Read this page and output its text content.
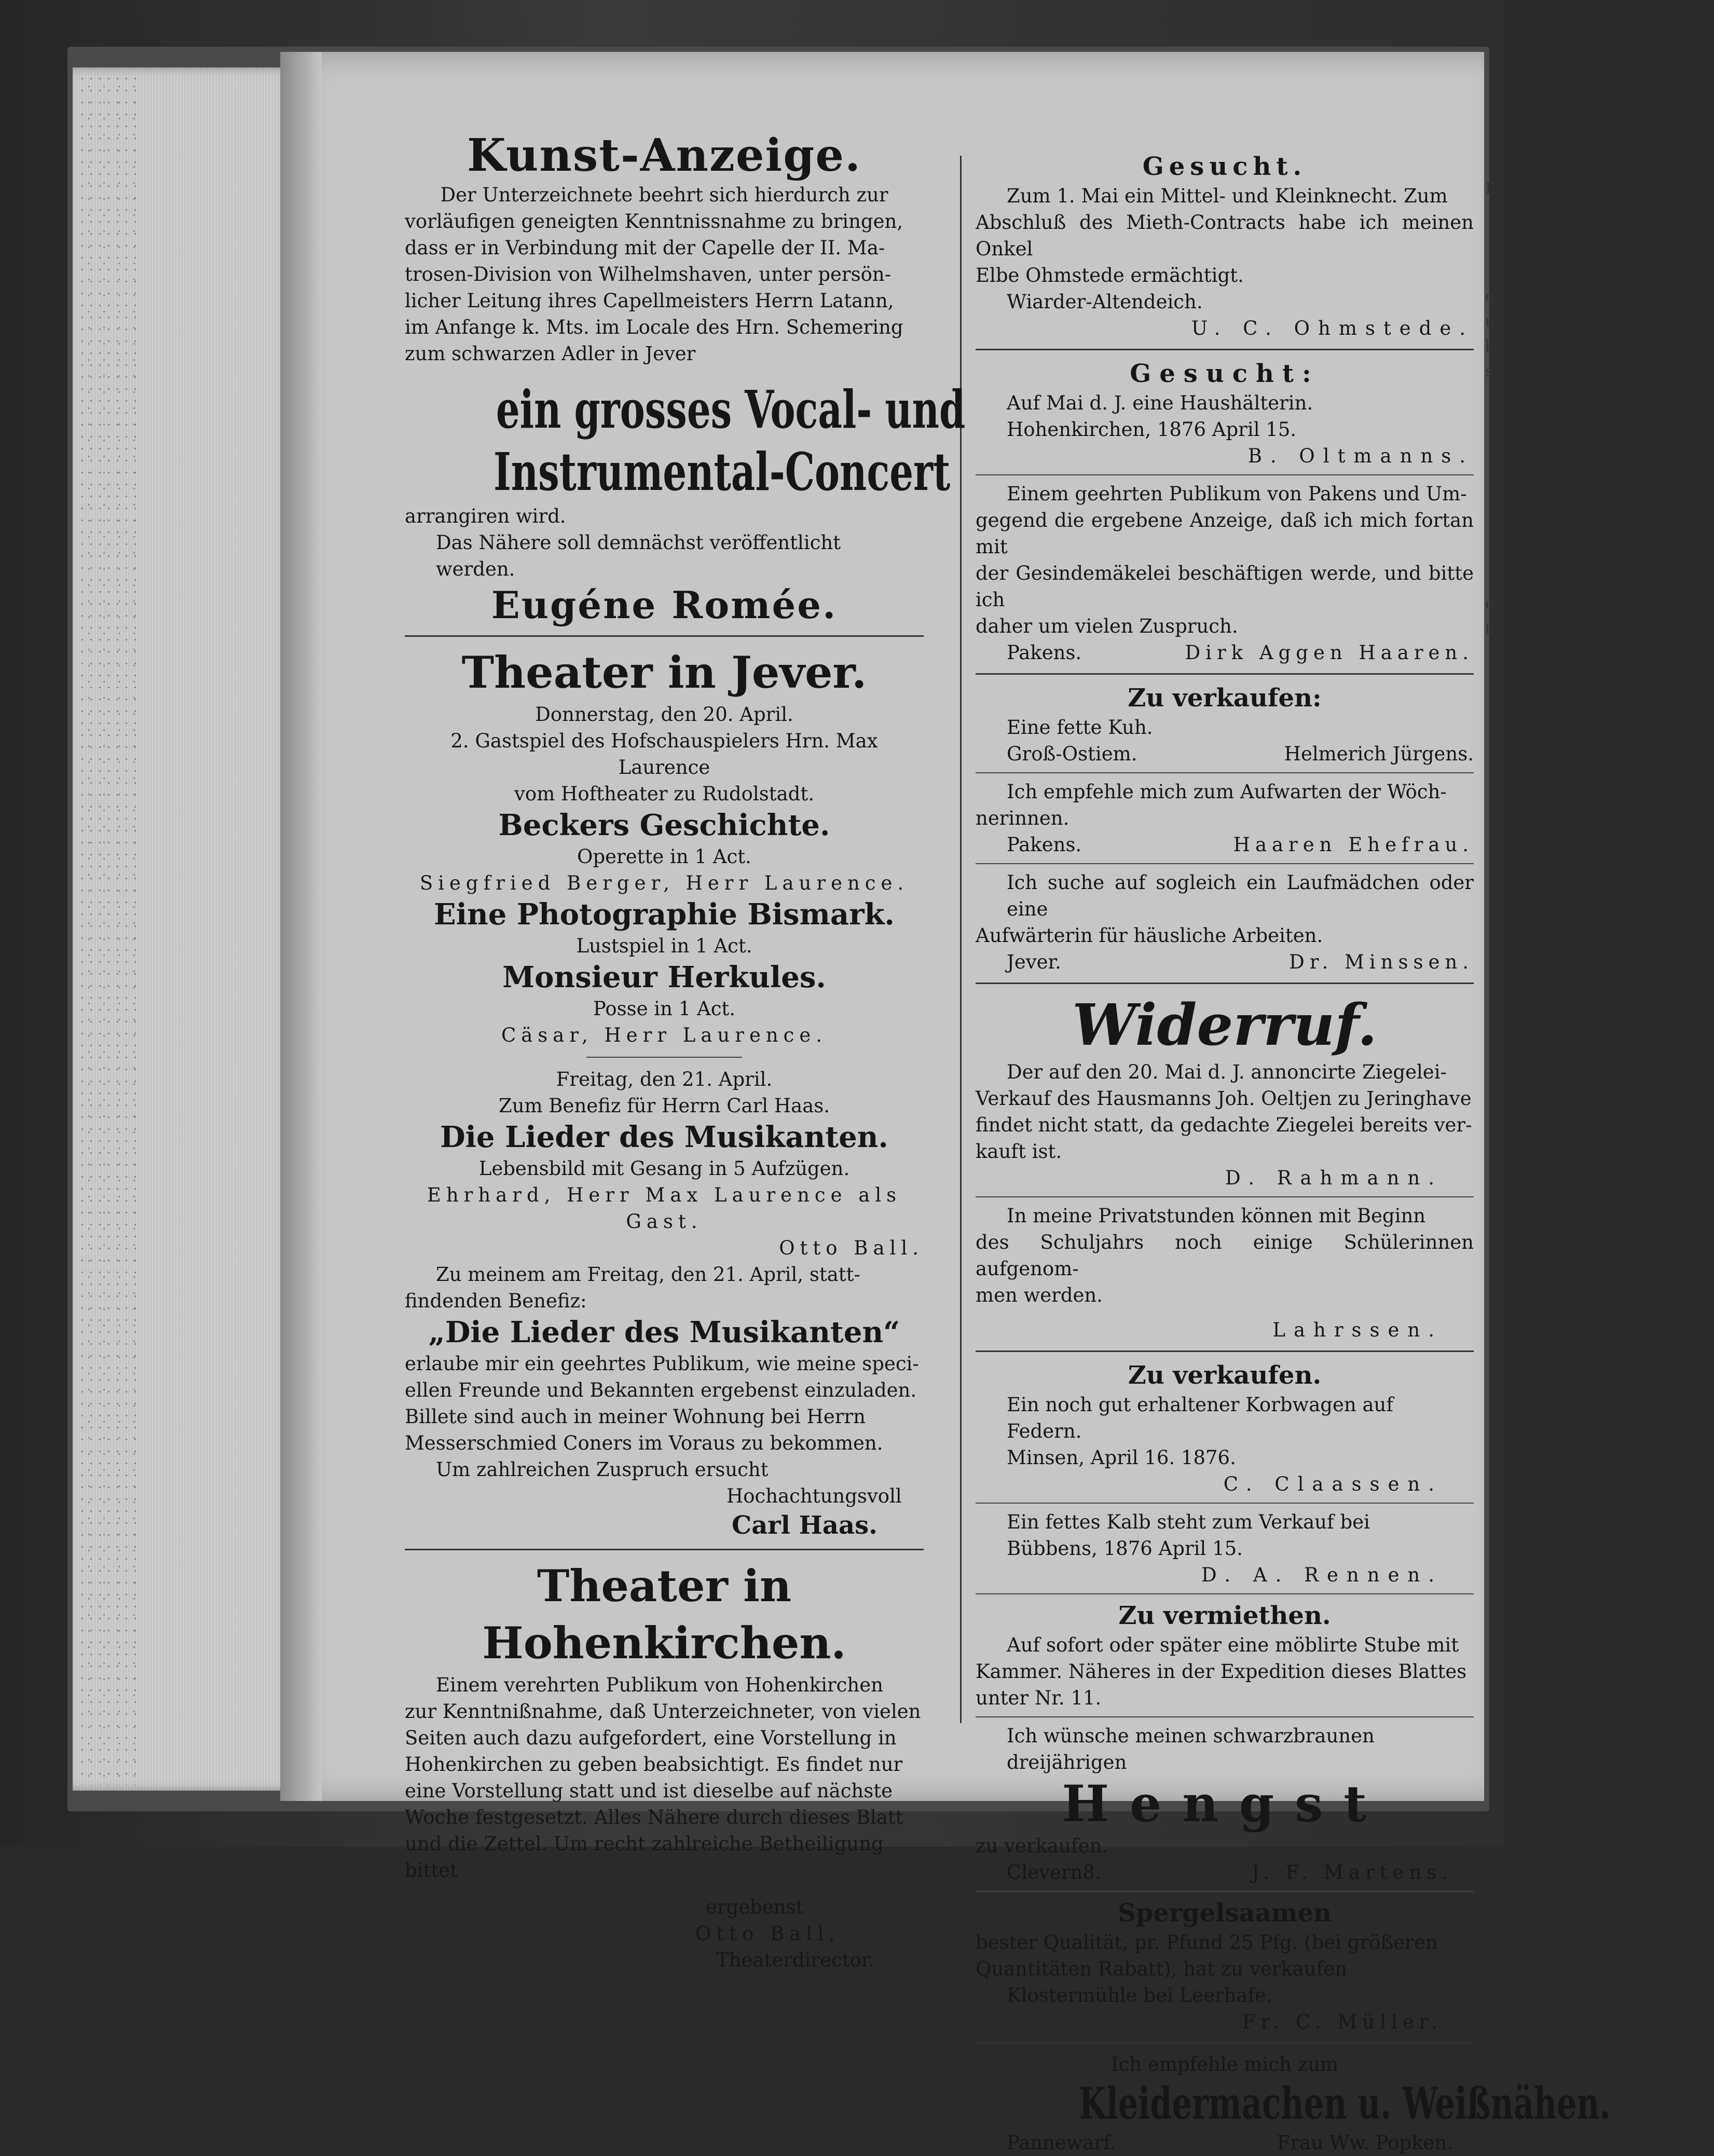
Kunst-Anzeige.

Der Unterzeichnete beehrt sich hierdurch zur

vorläufigen geneigten Kenntnissnahme zu bringen,

dass er in Verbindung mit der Capelle der II. Ma-

trosen-Division von Wilhelmshaven, unter persön-

licher Leitung ihres Capellmeisters Herrn Latann,

im Anfange k. Mts. im Locale des Hrn. Schemering

zum schwarzen Adler in Jever

ein grosses Vocal- und
Instrumental-Concert

arrangiren wird.

Das Nähere soll demnächst veröffentlicht werden.

Eugéne Romée.
Theater in Jever.

Donnerstag, den 20. April.

2. Gastspiel des Hofschauspielers Hrn. Max Laurence

vom Hoftheater zu Rudolstadt.

Beckers Geschichte.

Operette in 1 Act.

Siegfried Berger, Herr Laurence.

Eine Photographie Bismark.

Lustspiel in 1 Act.

Monsieur Herkules.

Posse in 1 Act.

Cäsar, Herr Laurence.

Freitag, den 21. April.

Zum Benefiz für Herrn Carl Haas.

Die Lieder des Musikanten.

Lebensbild mit Gesang in 5 Aufzügen.

Ehrhard, Herr Max Laurence als Gast.

Otto Ball.

Zu meinem am Freitag, den 21. April, statt-

findenden Benefiz:

„Die Lieder des Musikanten“

erlaube mir ein geehrtes Publikum, wie meine speci-

ellen Freunde und Bekannten ergebenst einzuladen.

Billete sind auch in meiner Wohnung bei Herrn

Messerschmied Coners im Voraus zu bekommen.

Um zahlreichen Zuspruch ersucht

Hochachtungsvoll

Carl Haas.

Theater in Hohenkirchen.

Einem verehrten Publikum von Hohenkirchen

zur Kenntnißnahme, daß Unterzeichneter, von vielen

Seiten auch dazu aufgefordert, eine Vorstellung in

Hohenkirchen zu geben beabsichtigt. Es findet nur

eine Vorstellung statt und ist dieselbe auf nächste

Woche festgesetzt. Alles Nähere durch dieses Blatt

und die Zettel. Um recht zahlreiche Betheiligung

bittet

ergebenst

Otto Ball,

Theaterdirector.

Gesucht.

Zum 1. Mai ein Mittel- und Kleinknecht. Zum

Abschluß des Mieth-Contracts habe ich meinen Onkel

Elbe Ohmstede ermächtigt.

Wiarder-Altendeich.

U. C. Ohmstede.

Gesucht:

Auf Mai d. J. eine Haushälterin.

Hohenkirchen, 1876 April 15.

B. Oltmanns.

Einem geehrten Publikum von Pakens und Um-

gegend die ergebene Anzeige, daß ich mich fortan mit

der Gesindemäkelei beschäftigen werde, und bitte ich

daher um vielen Zuspruch.

Pakens.	Dirk Aggen Haaren.

Zu verkaufen:

Eine fette Kuh.

Groß-Ostiem.	Helmerich Jürgens.

Ich empfehle mich zum Aufwarten der Wöch-

nerinnen.

Pakens.	Haaren Ehefrau.

Ich suche auf sogleich ein Laufmädchen oder eine

Aufwärterin für häusliche Arbeiten.

Jever.	Dr. Minssen.

Widerruf.

Der auf den 20. Mai d. J. annoncirte Ziegelei-

Verkauf des Hausmanns Joh. Oeltjen zu Jeringhave

findet nicht statt, da gedachte Ziegelei bereits ver-

kauft ist.

D. Rahmann.

In meine Privatstunden können mit Beginn

des Schuljahrs noch einige Schülerinnen aufgenom-

men werden.

Lahrssen.

Zu verkaufen.

Ein noch gut erhaltener Korbwagen auf Federn.

Minsen, April 16. 1876.

C. Claassen.

Ein fettes Kalb steht zum Verkauf bei

Bübbens, 1876 April 15.

D. A. Rennen.

Zu vermiethen.

Auf sofort oder später eine möblirte Stube mit

Kammer. Näheres in der Expedition dieses Blattes

unter Nr. 11.

Ich wünsche meinen schwarzbraunen dreijährigen

Hengst

zu verkaufen.

Clevern8.	J. F. Martens.

Spergelsaamen

bester Qualität, pr. Pfund 25 Pfg. (bei größeren

Quantitäten Rabatt), hat zu verkaufen

Klostermühle bei Leerhafe.

Fr. C. Müller.

Ich empfehle mich zum

Kleidermachen u. Weißnähen.

Pannewarf.	Frau Ww. Popken.

F
e
u
l
s
o
t
